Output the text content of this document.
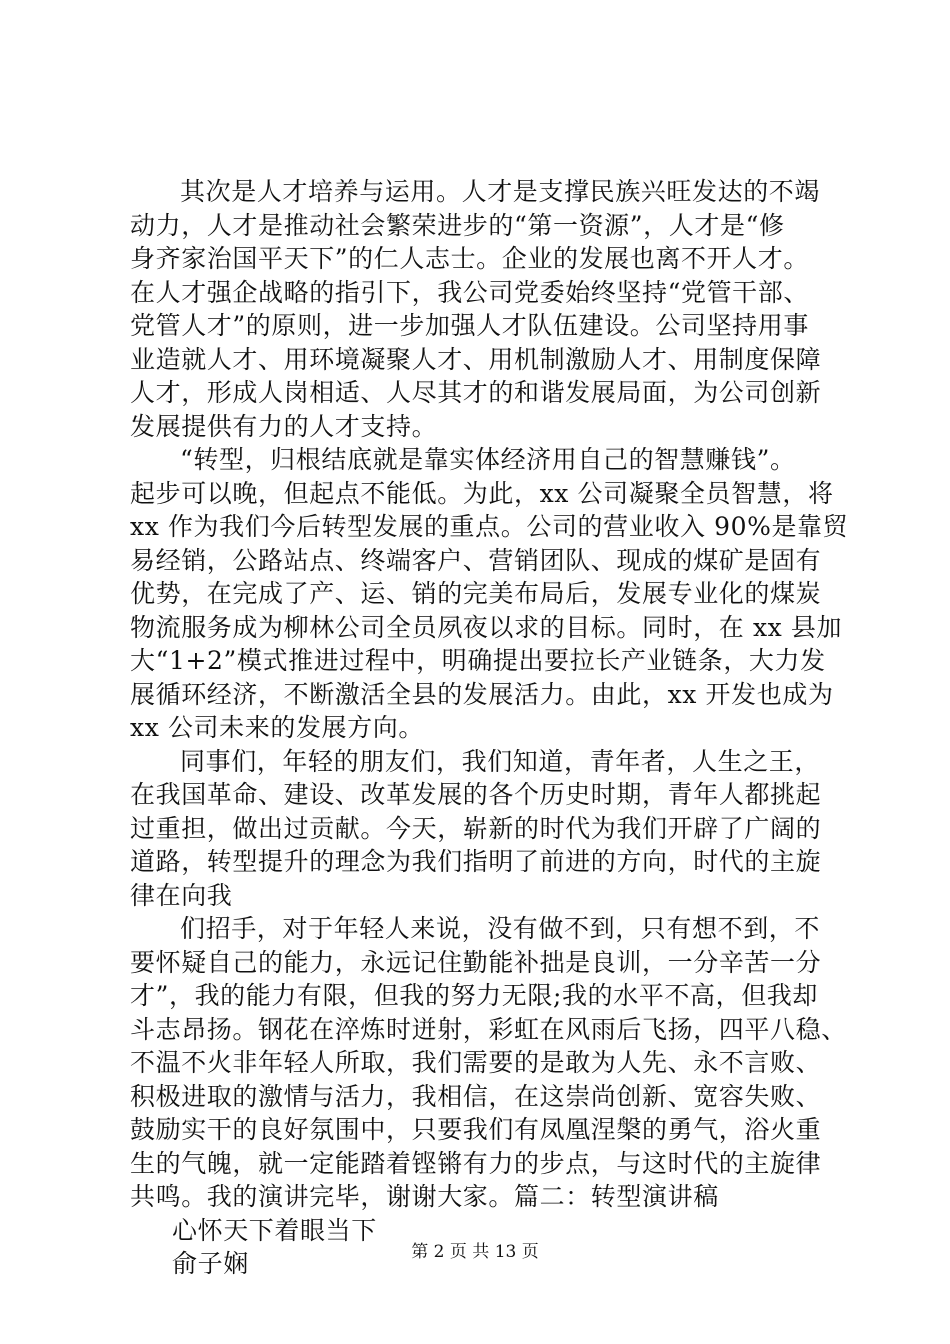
其次是人才培养与运用。人才是支撑民族兴旺发达的不竭
动力，人才是推动社会繁荣进步的“第一资源”，人才是“修
身齐家治国平天下”的仁人志士。企业的发展也离不开人才。
在人才强企战略的指引下，我公司党委始终坚持“党管干部、
党管人才”的原则，进一步加强人才队伍建设。公司坚持用事
业造就人才、用环境凝聚人才、用机制激励人才、用制度保障
人才，形成人岗相适、人尽其才的和谐发展局面，为公司创新
发展提供有力的人才支持。
“转型，归根结底就是靠实体经济用自己的智慧赚钱”。
起步可以晚，但起点不能低。为此，xx 公司凝聚全员智慧，将
xx 作为我们今后转型发展的重点。公司的营业收入 90%是靠贸
易经销，公路站点、终端客户、营销团队、现成的煤矿是固有
优势，在完成了产、运、销的完美布局后，发展专业化的煤炭
物流服务成为柳林公司全员夙夜以求的目标。同时，在 xx 县加
大“1+2”模式推进过程中，明确提出要拉长产业链条，大力发
展循环经济，不断激活全县的发展活力。由此，xx 开发也成为
xx 公司未来的发展方向。
同事们，年轻的朋友们，我们知道，青年者，人生之王，
在我国革命、建设、改革发展的各个历史时期，青年人都挑起
过重担，做出过贡献。今天，崭新的时代为我们开辟了广阔的
道路，转型提升的理念为我们指明了前进的方向，时代的主旋
律在向我
们招手，对于年轻人来说，没有做不到，只有想不到，不
要怀疑自己的能力，永远记住勤能补拙是良训，一分辛苦一分
才”，我的能力有限，但我的努力无限;我的水平不高，但我却
斗志昂扬。钢花在淬炼时迸射，彩虹在风雨后飞扬，四平八稳、
不温不火非年轻人所取，我们需要的是敢为人先、永不言败、
积极进取的激情与活力，我相信，在这崇尚创新、宽容失败、
鼓励实干的良好氛围中，只要我们有凤凰涅槃的勇气，浴火重
生的气魄，就一定能踏着铿锵有力的步点，与这时代的主旋律
共鸣。我的演讲完毕，谢谢大家。篇二：转型演讲稿
心怀天下着眼当下
俞子娴	第 2 页 共 13 页
